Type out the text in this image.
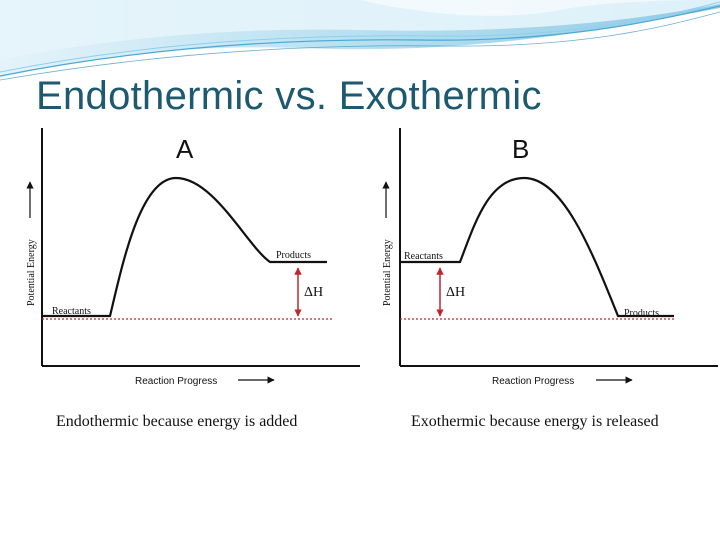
Endothermic vs. Exothermic
Potential Energy
Reaction Progress
A
ΔH
Reactants
Products	Potential Energy
Reaction Progress
B
ΔH
Reactants
Products
Endothermic because energy is added	Exothermic because energy is released
